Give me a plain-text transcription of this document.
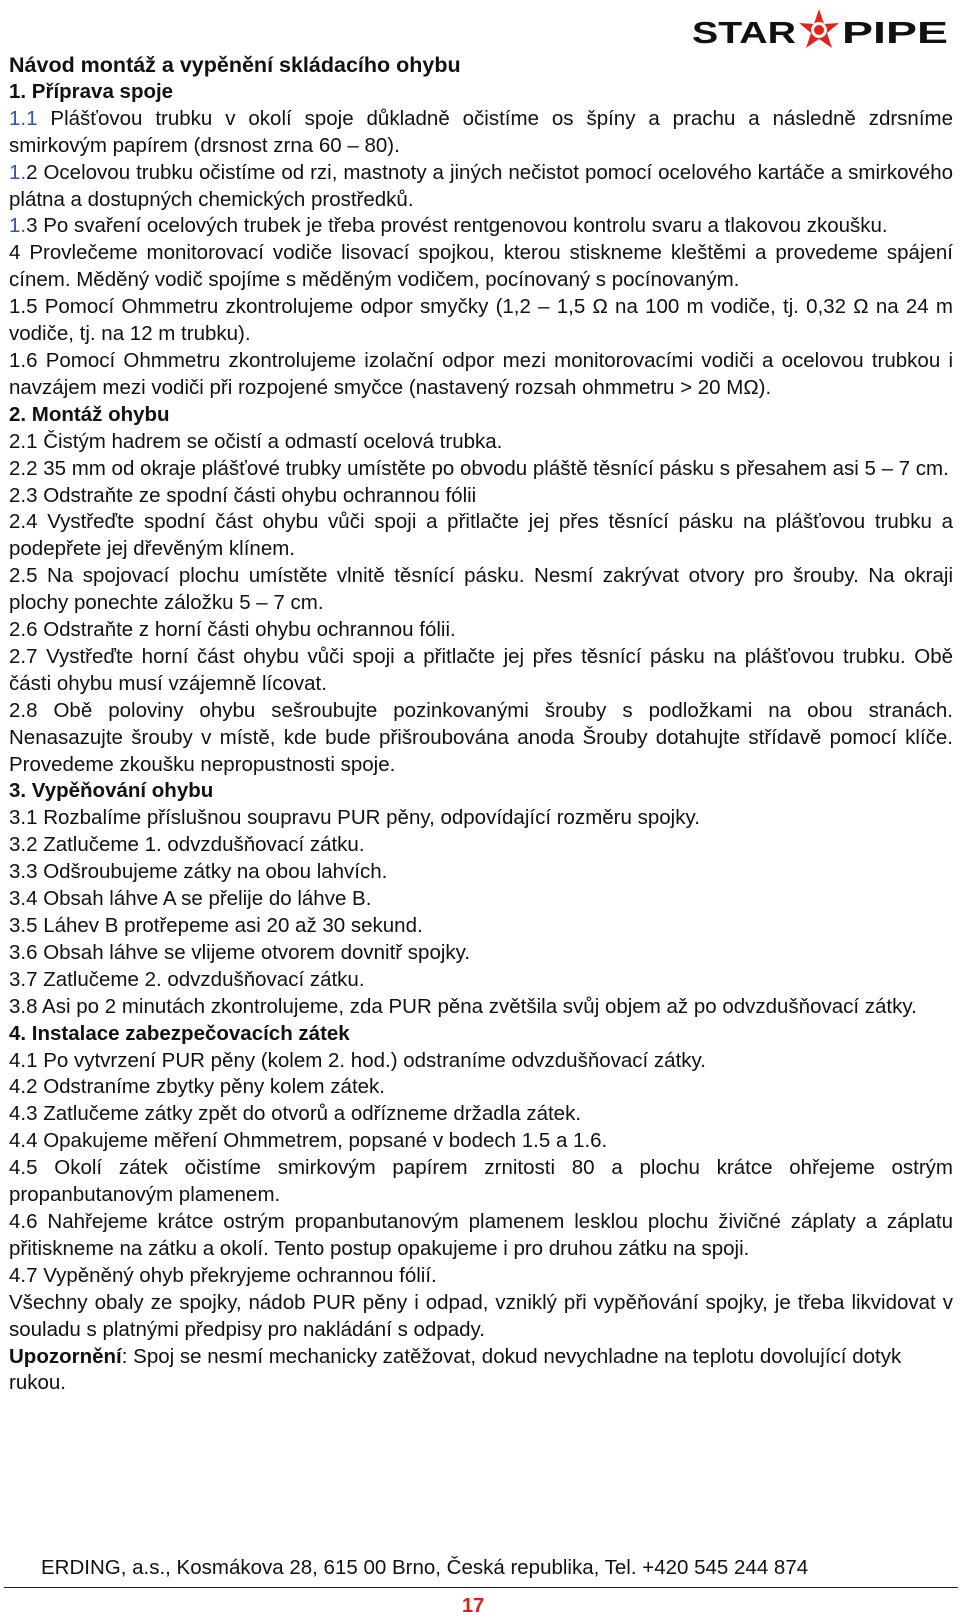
STAR PIPE

Návod montáž a vypěnění skládacího ohybu

1. Příprava spoje

1.1 Plášťovou trubku v okolí spoje důkladně očistíme os špíny a prachu a následně zdrsníme smirkovým papírem (drsnost zrna 60 – 80).

1.2 Ocelovou trubku očistíme od rzi, mastnoty a jiných nečistot pomocí ocelového kartáče a smirkového plátna a dostupných chemických prostředků.

1.3 Po svaření ocelových trubek je třeba provést rentgenovou kontrolu svaru a tlakovou zkoušku.

4 Provlečeme monitorovací vodiče lisovací spojkou, kterou stiskneme kleštěmi a provedeme spájení cínem. Měděný vodič spojíme s měděným vodičem, pocínovaný s pocínovaným.

1.5 Pomocí Ohmmetru zkontrolujeme odpor smyčky (1,2 – 1,5 Ω na 100 m vodiče, tj. 0,32 Ω na 24 m vodiče, tj. na 12 m trubku).

1.6 Pomocí Ohmmetru zkontrolujeme izolační odpor mezi monitorovacími vodiči a ocelovou trubkou i navzájem mezi vodiči při rozpojené smyčce (nastavený rozsah ohmmetru > 20 MΩ).

2. Montáž ohybu

2.1 Čistým hadrem se očistí a odmastí ocelová trubka.

2.2 35 mm od okraje plášťové trubky umístěte po obvodu pláště těsnící pásku s přesahem asi 5 – 7 cm.

2.3 Odstraňte ze spodní části ohybu ochrannou fólii

2.4 Vystřeďte spodní část ohybu vůči spoji a přitlačte jej přes těsnící pásku na plášťovou trubku a podepřete jej dřevěným klínem.

2.5 Na spojovací plochu umístěte vlnitě těsnící pásku. Nesmí zakrývat otvory pro šrouby. Na okraji plochy ponechte záložku 5 – 7 cm.

2.6 Odstraňte z horní části ohybu ochrannou fólii.

2.7 Vystřeďte horní část ohybu vůči spoji a přitlačte jej přes těsnící pásku na plášťovou trubku. Obě části ohybu musí vzájemně lícovat.

2.8 Obě poloviny ohybu sešroubujte pozinkovanými šrouby s podložkami na obou stranách. Nenasazujte šrouby v místě, kde bude přišroubována anoda Šrouby dotahujte střídavě pomocí klíče. Provedeme zkoušku nepropustnosti spoje.

3. Vypěňování ohybu

3.1 Rozbalíme příslušnou soupravu PUR pěny, odpovídající rozměru spojky.

3.2 Zatlučeme 1. odvzdušňovací zátku.

3.3 Odšroubujeme zátky na obou lahvích.

3.4 Obsah láhve A se přelije do láhve B.

3.5 Láhev B protřepeme asi 20 až 30 sekund.

3.6 Obsah láhve se vlijeme otvorem dovnitř spojky.

3.7 Zatlučeme 2. odvzdušňovací zátku.

3.8 Asi po 2 minutách zkontrolujeme, zda PUR pěna zvětšila svůj objem až po odvzdušňovací zátky.

4. Instalace zabezpečovacích zátek

4.1 Po vytvrzení PUR pěny (kolem 2. hod.) odstraníme odvzdušňovací zátky.

4.2 Odstraníme zbytky pěny kolem zátek.

4.3 Zatlučeme zátky zpět do otvorů a odřízneme držadla zátek.

4.4 Opakujeme měření Ohmmetrem, popsané v bodech 1.5 a 1.6.

4.5 Okolí zátek očistíme smirkovým papírem zrnitosti 80 a plochu krátce ohřejeme ostrým propanbutanovým plamenem.

4.6 Nahřejeme krátce ostrým propanbutanovým plamenem lesklou plochu živičné záplaty a záplatu přitiskneme na zátku a okolí. Tento postup opakujeme i pro druhou zátku na spoji.

4.7 Vypěněný ohyb překryjeme ochrannou fólií.

Všechny obaly ze spojky, nádob PUR pěny i odpad, vzniklý při vypěňování spojky, je třeba likvidovat v souladu s platnými předpisy pro nakládání s odpady.

Upozornění: Spoj se nesmí mechanicky zatěžovat, dokud nevychladne na teplotu dovolující dotyk rukou.

ERDING, a.s., Kosmákova 28, 615 00 Brno, Česká republika, Tel. +420 545 244 874
17
